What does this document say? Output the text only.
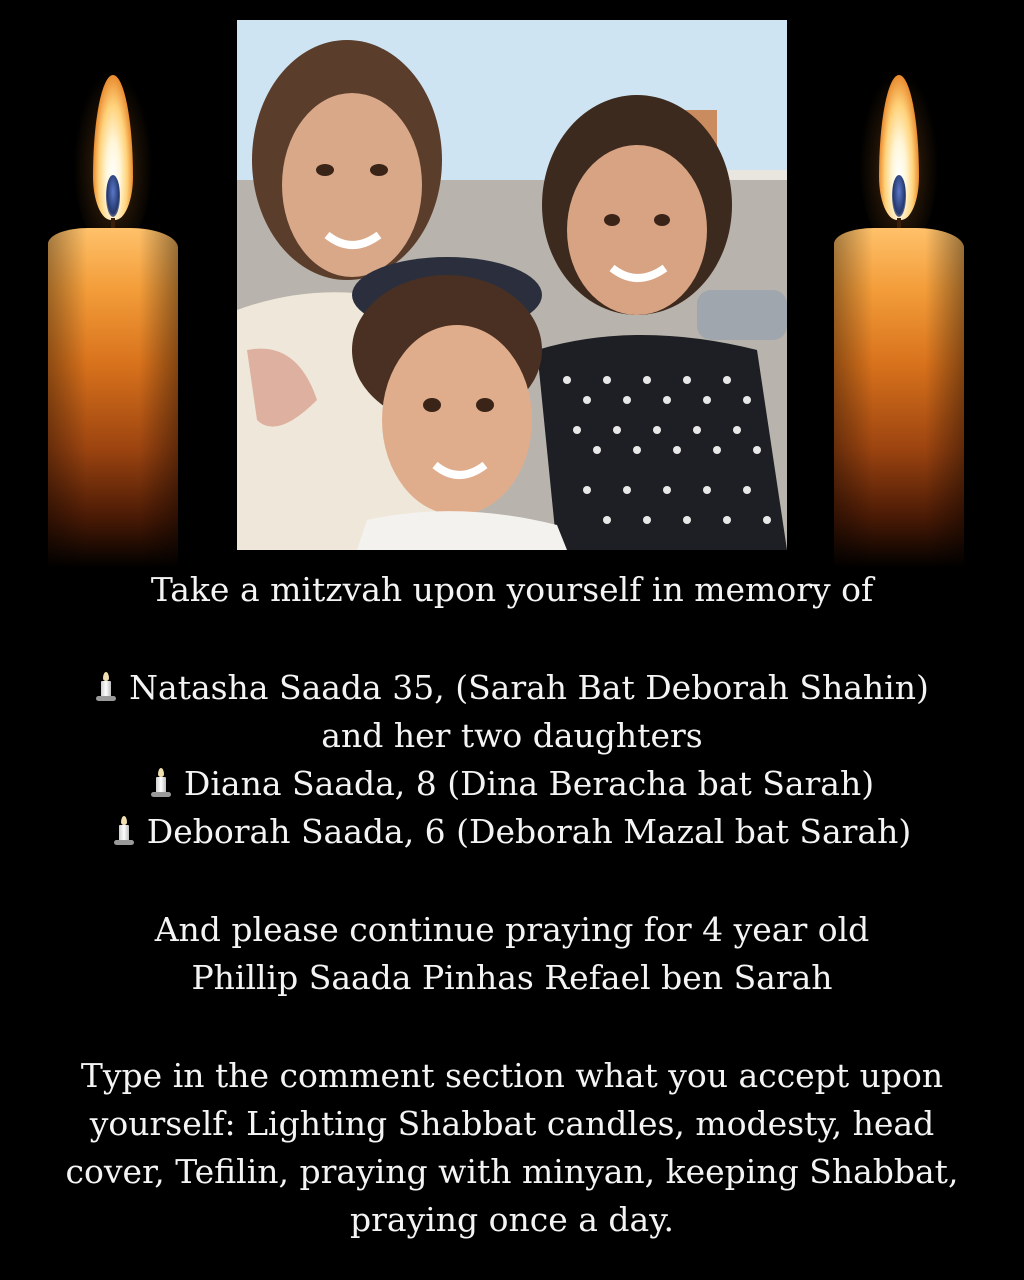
Take a mitzvah upon yourself in memory of
Natasha Saada 35, (Sarah Bat Deborah Shahin)
and her two daughters
Diana Saada, 8 (Dina Beracha bat Sarah)
Deborah Saada, 6 (Deborah Mazal bat Sarah)
And please continue praying for 4 year old
Phillip Saada Pinhas Refael ben Sarah
Type in the comment section what you accept upon
yourself: Lighting Shabbat candles, modesty, head
cover, Tefilin, praying with minyan, keeping Shabbat,
praying once a day.
